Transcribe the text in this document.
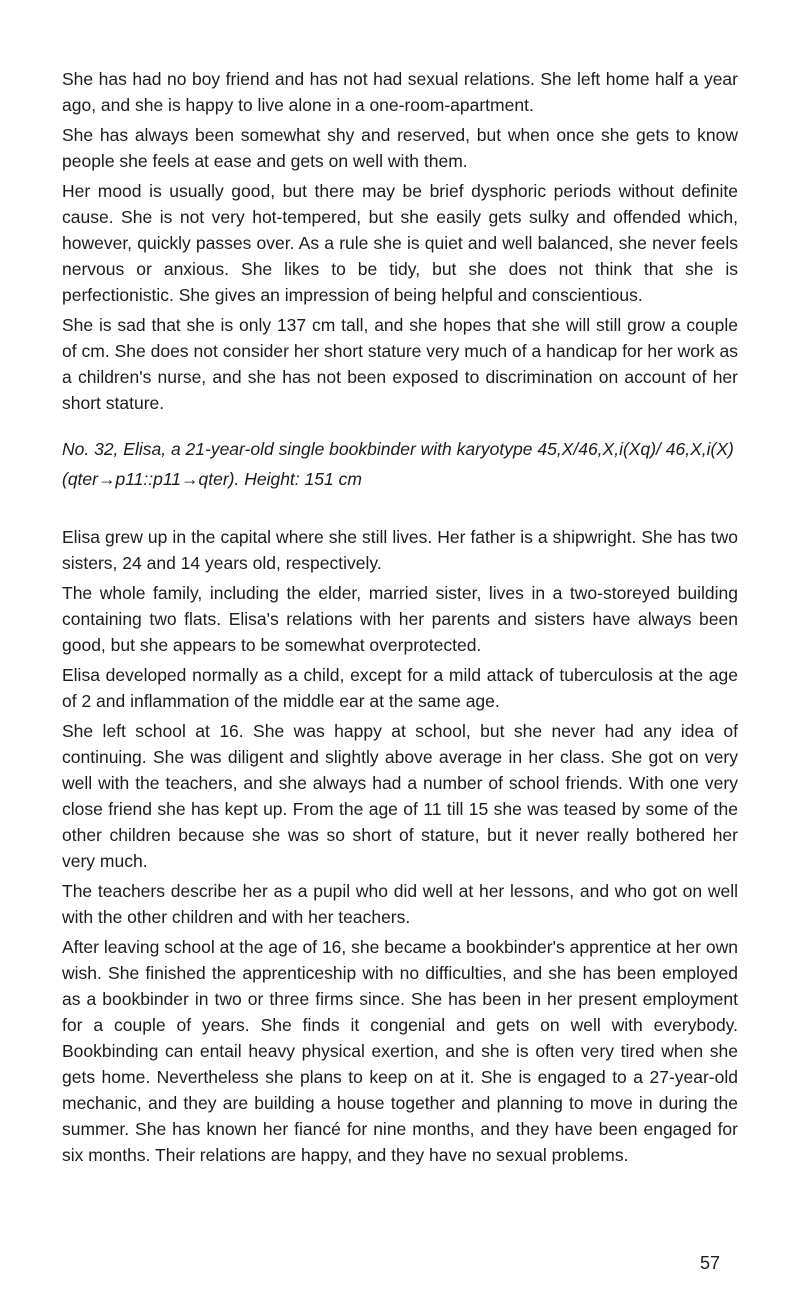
She has had no boy friend and has not had sexual relations. She left home half a year ago, and she is happy to live alone in a one-room-apartment.

She has always been somewhat shy and reserved, but when once she gets to know people she feels at ease and gets on well with them.

Her mood is usually good, but there may be brief dysphoric periods without definite cause. She is not very hot-tempered, but she easily gets sulky and offended which, however, quickly passes over. As a rule she is quiet and well balanced, she never feels nervous or anxious. She likes to be tidy, but she does not think that she is perfectionistic. She gives an impression of being helpful and conscientious.

She is sad that she is only 137 cm tall, and she hopes that she will still grow a couple of cm. She does not consider her short stature very much of a handicap for her work as a children's nurse, and she has not been exposed to discrimination on account of her short stature.

No. 32, Elisa, a 21-year-old single bookbinder with karyotype 45,X/46,X,i(Xq)/ 46,X,i(X)(qter→p11::p11→qter). Height: 151 cm

Elisa grew up in the capital where she still lives. Her father is a shipwright. She has two sisters, 24 and 14 years old, respectively.

The whole family, including the elder, married sister, lives in a two-storeyed building containing two flats. Elisa's relations with her parents and sisters have always been good, but she appears to be somewhat overprotected.

Elisa developed normally as a child, except for a mild attack of tuberculosis at the age of 2 and inflammation of the middle ear at the same age.

She left school at 16. She was happy at school, but she never had any idea of continuing. She was diligent and slightly above average in her class. She got on very well with the teachers, and she always had a number of school friends. With one very close friend she has kept up. From the age of 11 till 15 she was teased by some of the other children because she was so short of stature, but it never really bothered her very much.

The teachers describe her as a pupil who did well at her lessons, and who got on well with the other children and with her teachers.

After leaving school at the age of 16, she became a bookbinder's apprentice at her own wish. She finished the apprenticeship with no difficulties, and she has been employed as a bookbinder in two or three firms since. She has been in her present employment for a couple of years. She finds it congenial and gets on well with everybody. Bookbinding can entail heavy physical exertion, and she is often very tired when she gets home. Nevertheless she plans to keep on at it. She is engaged to a 27-year-old mechanic, and they are building a house together and planning to move in during the summer. She has known her fiancé for nine months, and they have been engaged for six months. Their relations are happy, and they have no sexual problems.

57
